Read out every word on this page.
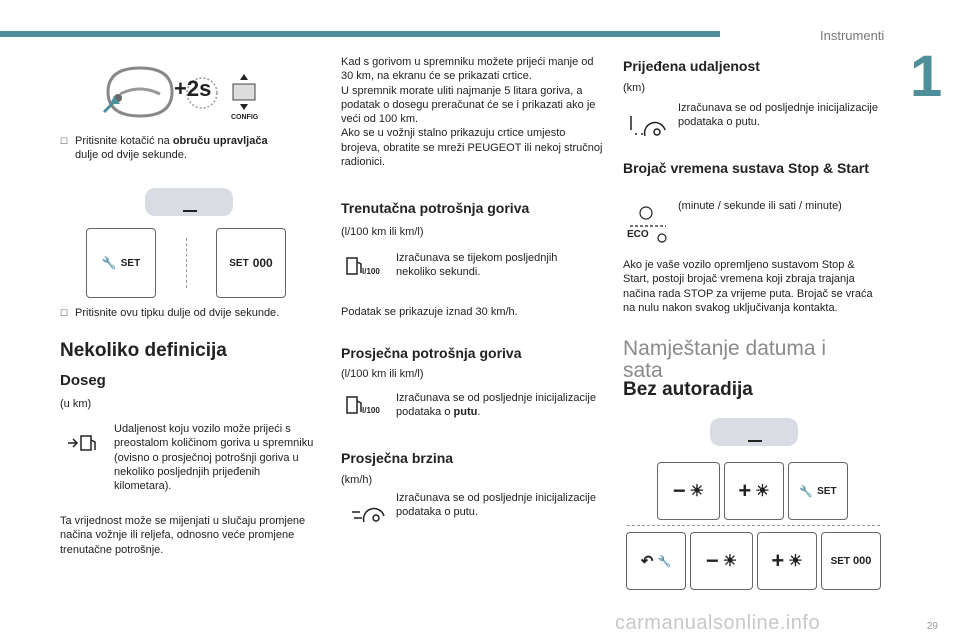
Instrumenti
1
+2s
CONFIG
☐ Pritisnite kotačić na obruču upravljača
dulje od dvije sekunde.
🔧 SET	SET 000
☐ Pritisnite ovu tipku dulje od dvije sekunde.
Nekoliko definicija
Doseg
(u km)
Udaljenost koju vozilo može prijeći s preostalom količinom goriva u spremniku (ovisno o prosječnoj potrošnji goriva u nekoliko posljednjih prijeđenih kilometara).
Ta vrijednost može se mijenjati u slučaju promjene načina vožnje ili reljefa, odnosno veće promjene trenutačne potrošnje.
Kad s gorivom u spremniku možete prijeći manje od 30 km, na ekranu će se prikazati crtice.
U spremnik morate uliti najmanje 5 litara goriva, a podatak o dosegu preračunat će se i prikazati ako je veći od 100 km.
Ako se u vožnji stalno prikazuju crtice umjesto brojeva, obratite se mreži PEUGEOT ili nekoj stručnoj radionici.
Trenutačna potrošnja goriva
(l/100 km ili km/l)
l/100
Izračunava se tijekom posljednjih nekoliko sekundi.
Podatak se prikazuje iznad 30 km/h.
Prosječna potrošnja goriva
(l/100 km ili km/l)
l/100
Izračunava se od posljednje inicijalizacije podataka o putu.
Prosječna brzina
(km/h)
Izračunava se od posljednje inicijalizacije podataka o putu.
Prijeđena udaljenost
(km)
Izračunava se od posljednje inicijalizacije podataka o putu.
Brojač vremena sustava Stop & Start
(minute / sekunde ili sati / minute)
ECO
Ako je vaše vozilo opremljeno sustavom Stop & Start, postoji brojač vremena koji zbraja trajanja načina rada STOP za vrijeme puta. Brojač se vraća na nulu nakon svakog uključivanja kontakta.
Namještanje datuma i sata
Bez autoradija
− ☀ + ☀	🔧 SET
↶ 🔧 − ☀ + ☀	SET 000
29
carmanualsonline.info
